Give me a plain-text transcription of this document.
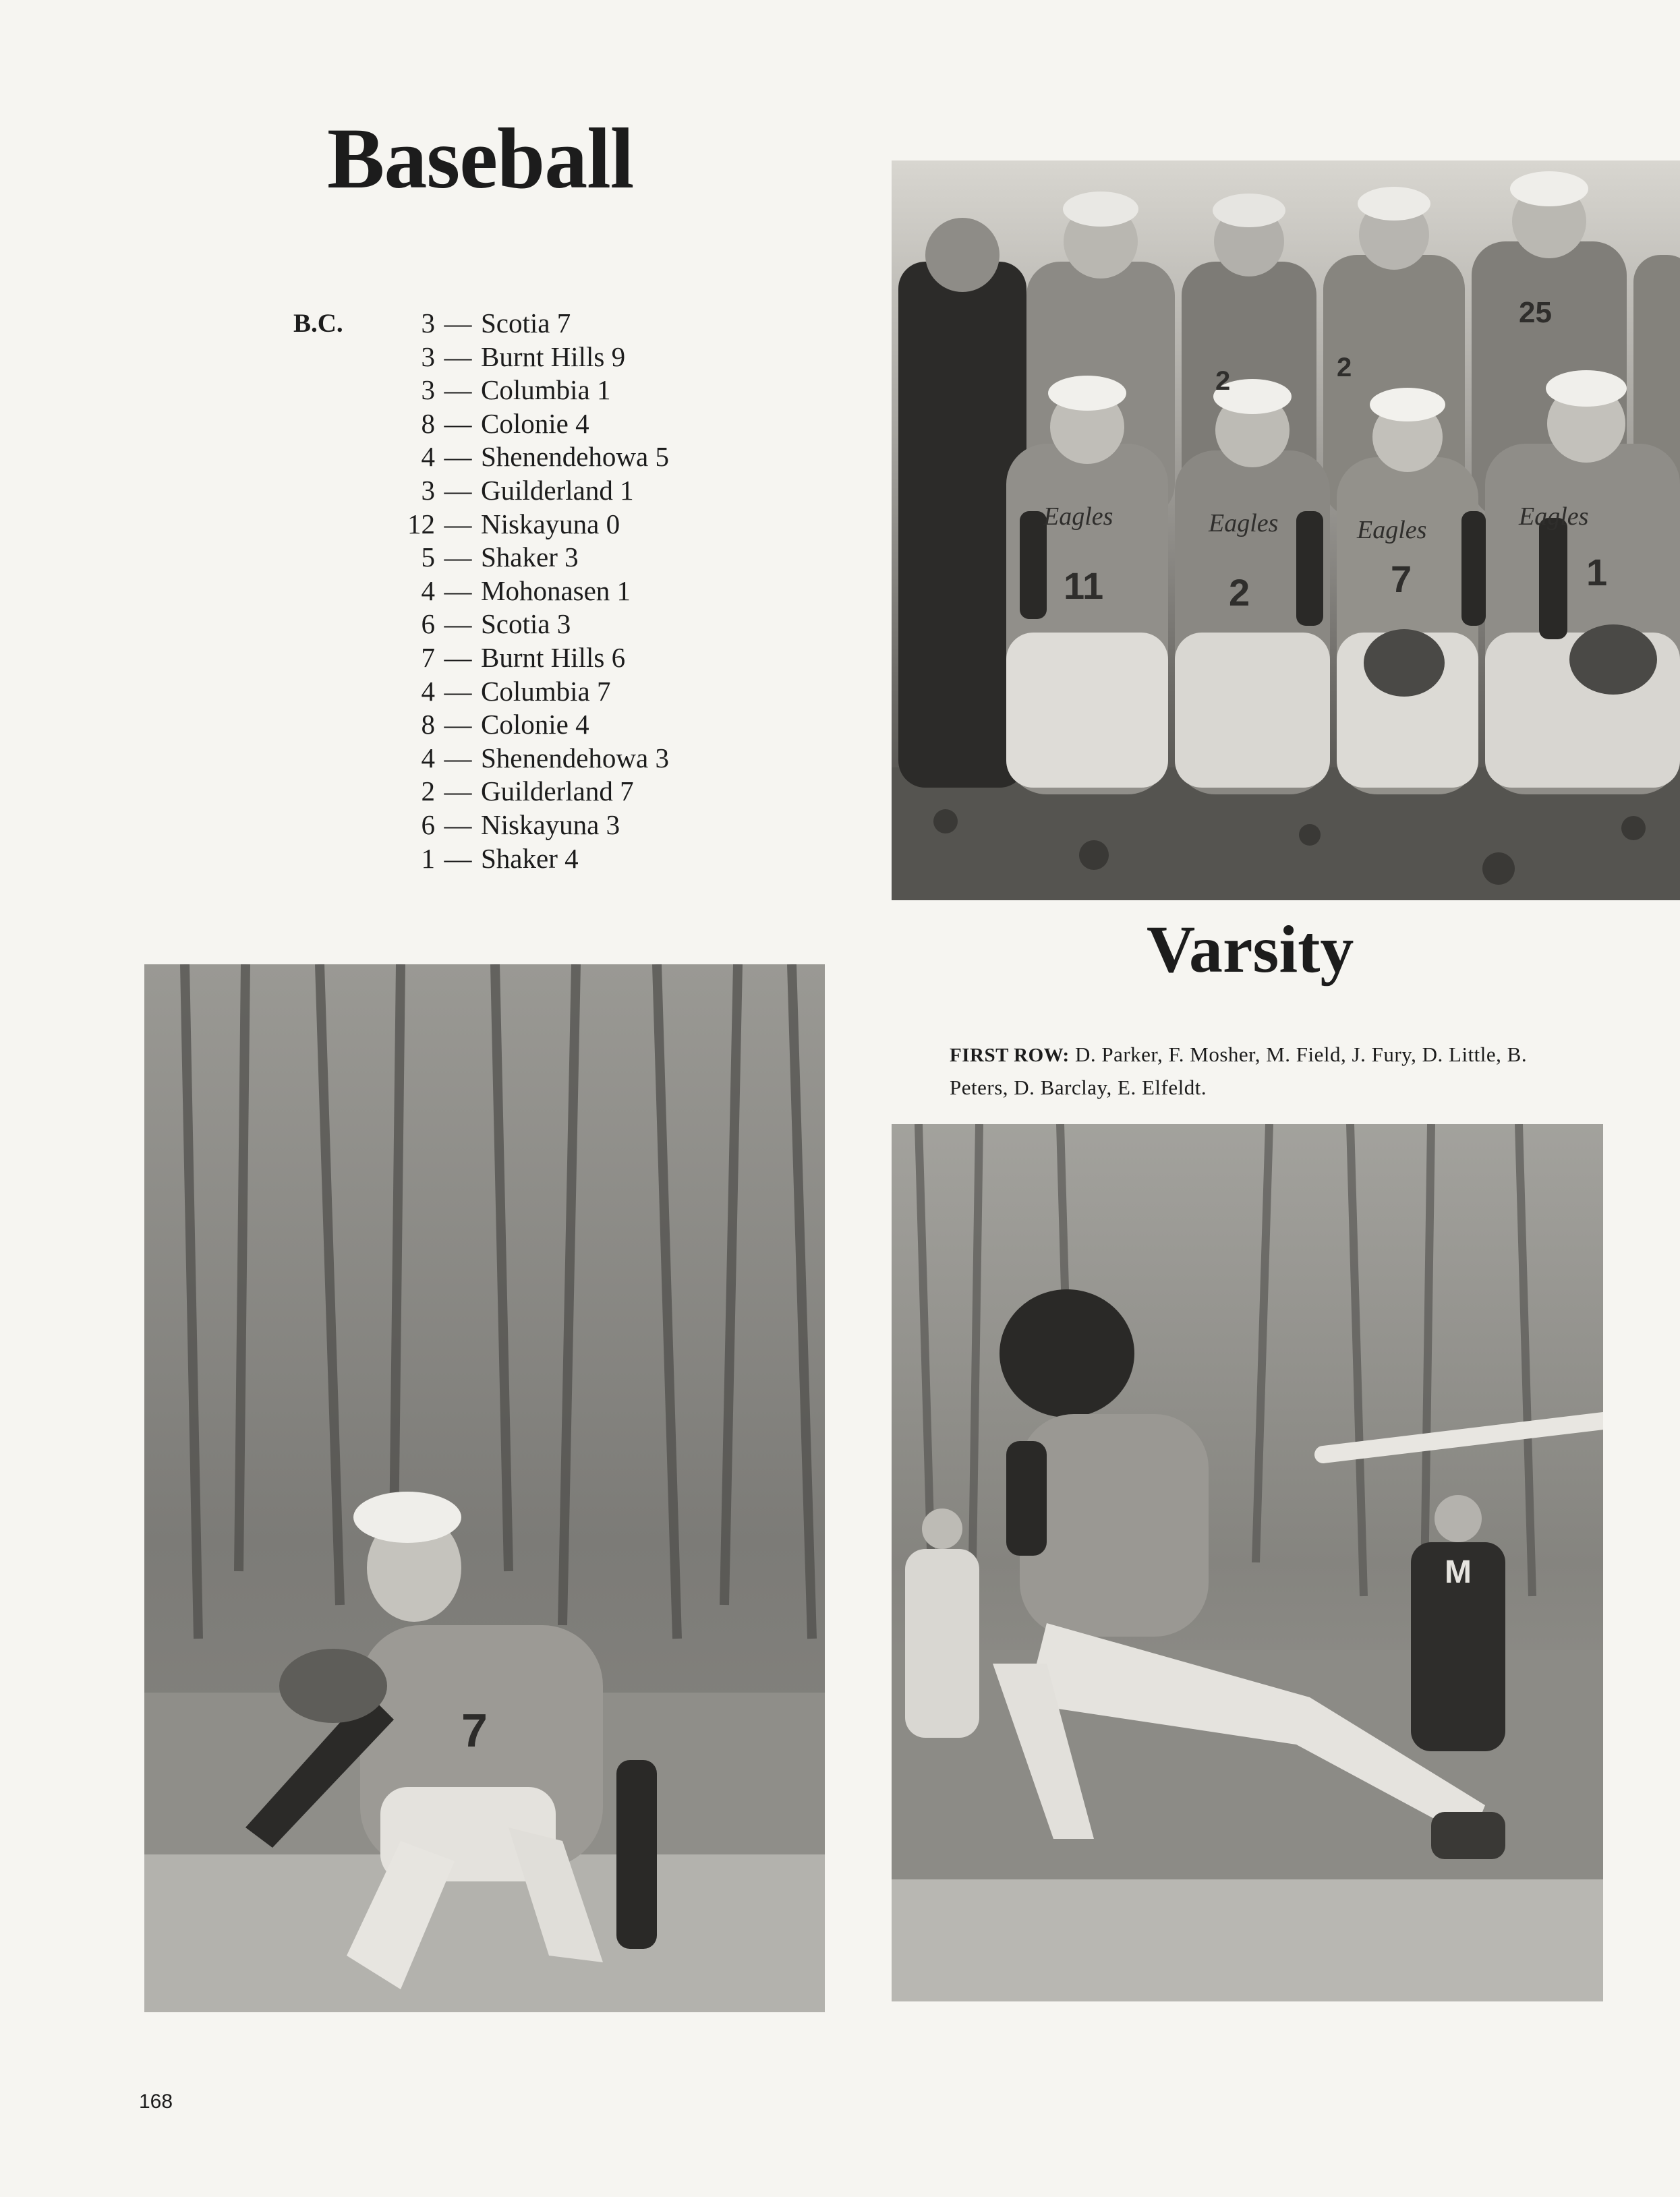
Baseball
B.C.	3 — Scotia 7
3 — Burnt Hills 9
3 — Columbia 1
8 — Colonie 4
4 — Shenendehowa 5
3 — Guilderland 1
12 — Niskayuna 0
5 — Shaker 3
4 — Mohonasen 1
6 — Scotia 3
7 — Burnt Hills 6
4 — Columbia 7
8 — Colonie 4
4 — Shenendehowa 3
2 — Guilderland 7
6 — Niskayuna 3
1 — Shaker 4
Eagles	Eagles	Eagles	Eagles
2	2
25
11	2	7	1
Varsity
FIRST ROW: D. Parker, F. Mosher, M. Field, J. Fury, D. Little, B. Peters, D. Barclay, E. Elfeldt.
7
M
168
